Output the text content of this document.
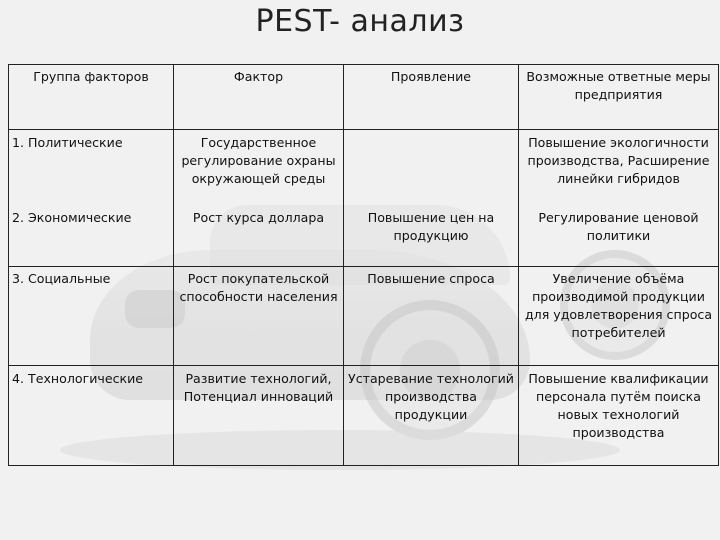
PEST- анализ
Группа факторов	Фактор	Проявление	Возможные ответные меры предприятия
1. Политические	Государственное регулирование охраны окружающей среды		Повышение экологичности производства, Расширение линейки гибридов
2. Экономические	Рост курса доллара	Повышение цен на продукцию	Регулирование ценовой политики
3. Социальные	Рост покупательской способности населения	Повышение спроса	Увеличение объёма производимой продукции для удовлетворения спроса потребителей
4. Технологические	Развитие технологий, Потенциал инноваций	Устаревание технологий производства продукции	Повышение квалификации персонала путём поиска новых технологий производства
